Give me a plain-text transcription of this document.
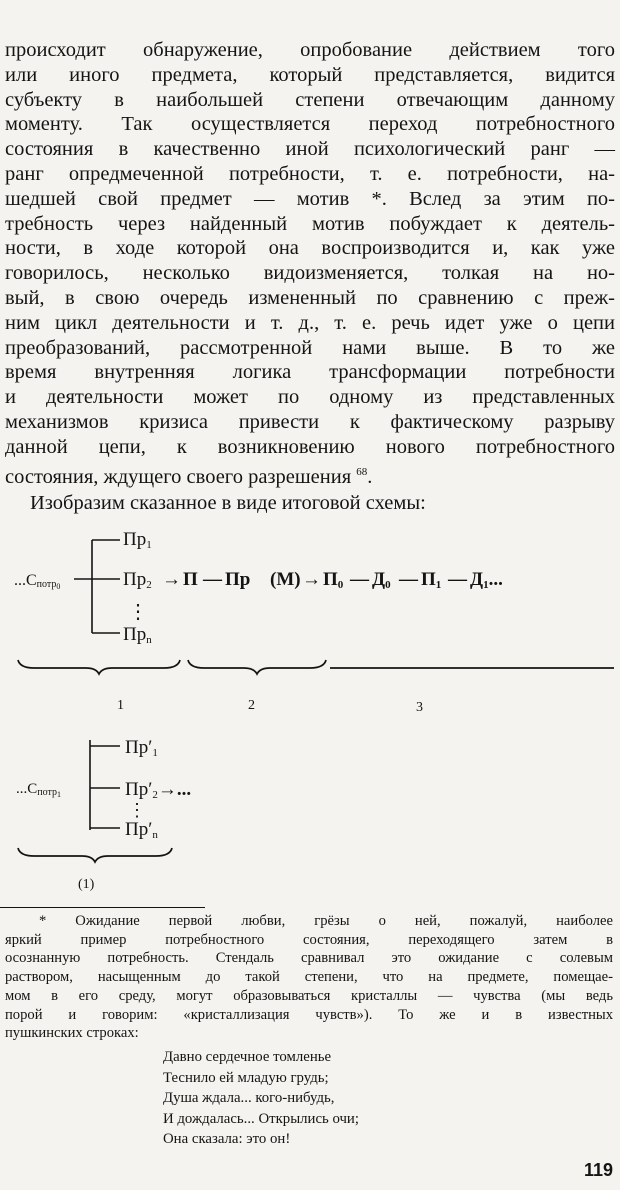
происходит обнаружение, опробование действием того
или иного предмета, который представляется, видится
субъекту в наибольшей степени отвечающим данному
моменту. Так осуществляется переход потребностного
состояния в качественно иной психологический ранг —
ранг опредмеченной потребности, т. е. потребности, на-
шедшей свой предмет — мотив *. Вслед за этим по-
требность через найденный мотив побуждает к деятель-
ности, в ходе которой она воспроизводится и, как уже
говорилось, несколько видоизменяется, толкая на но-
вый, в свою очередь измененный по сравнению с преж-
ним цикл деятельности и т. д., т. е. речь идет уже о цепи
преобразований, рассмотренной нами выше. В то же
время внутренняя логика трансформации потребности
и деятельности может по одному из представленных
механизмов кризиса привести к фактическому разрыву
данной цепи, к возникновению нового потребностного
состояния, ждущего своего разрешения $^{68}$.

Изобразим сказанное в виде итоговой схемы:

...Спотр0
Пр1
Пр2
⋮
Прn
→ П — Пр (М) → П0 — Д0 — П1 — Д1...
1	2	3
...Спотр1
Пр′1
Пр′2→...
⋮
Пр′n
(1)
* Ожидание первой любви, грёзы о ней, пожалуй, наиболее
яркий пример потребностного состояния, переходящего затем в
осознанную потребность. Стендаль сравнивал это ожидание с солевым
раствором, насыщенным до такой степени, что на предмете, помещае-
мом в его среду, могут образовываться кристаллы — чувства (мы ведь
порой и говорим: «кристаллизация чувств»). То же и в известных
пушкинских строках:
Давно сердечное томленье
Теснило ей младую грудь;
Душа ждала... кого-нибудь,
И дождалась... Открылись очи;
Она сказала: это он!
119
